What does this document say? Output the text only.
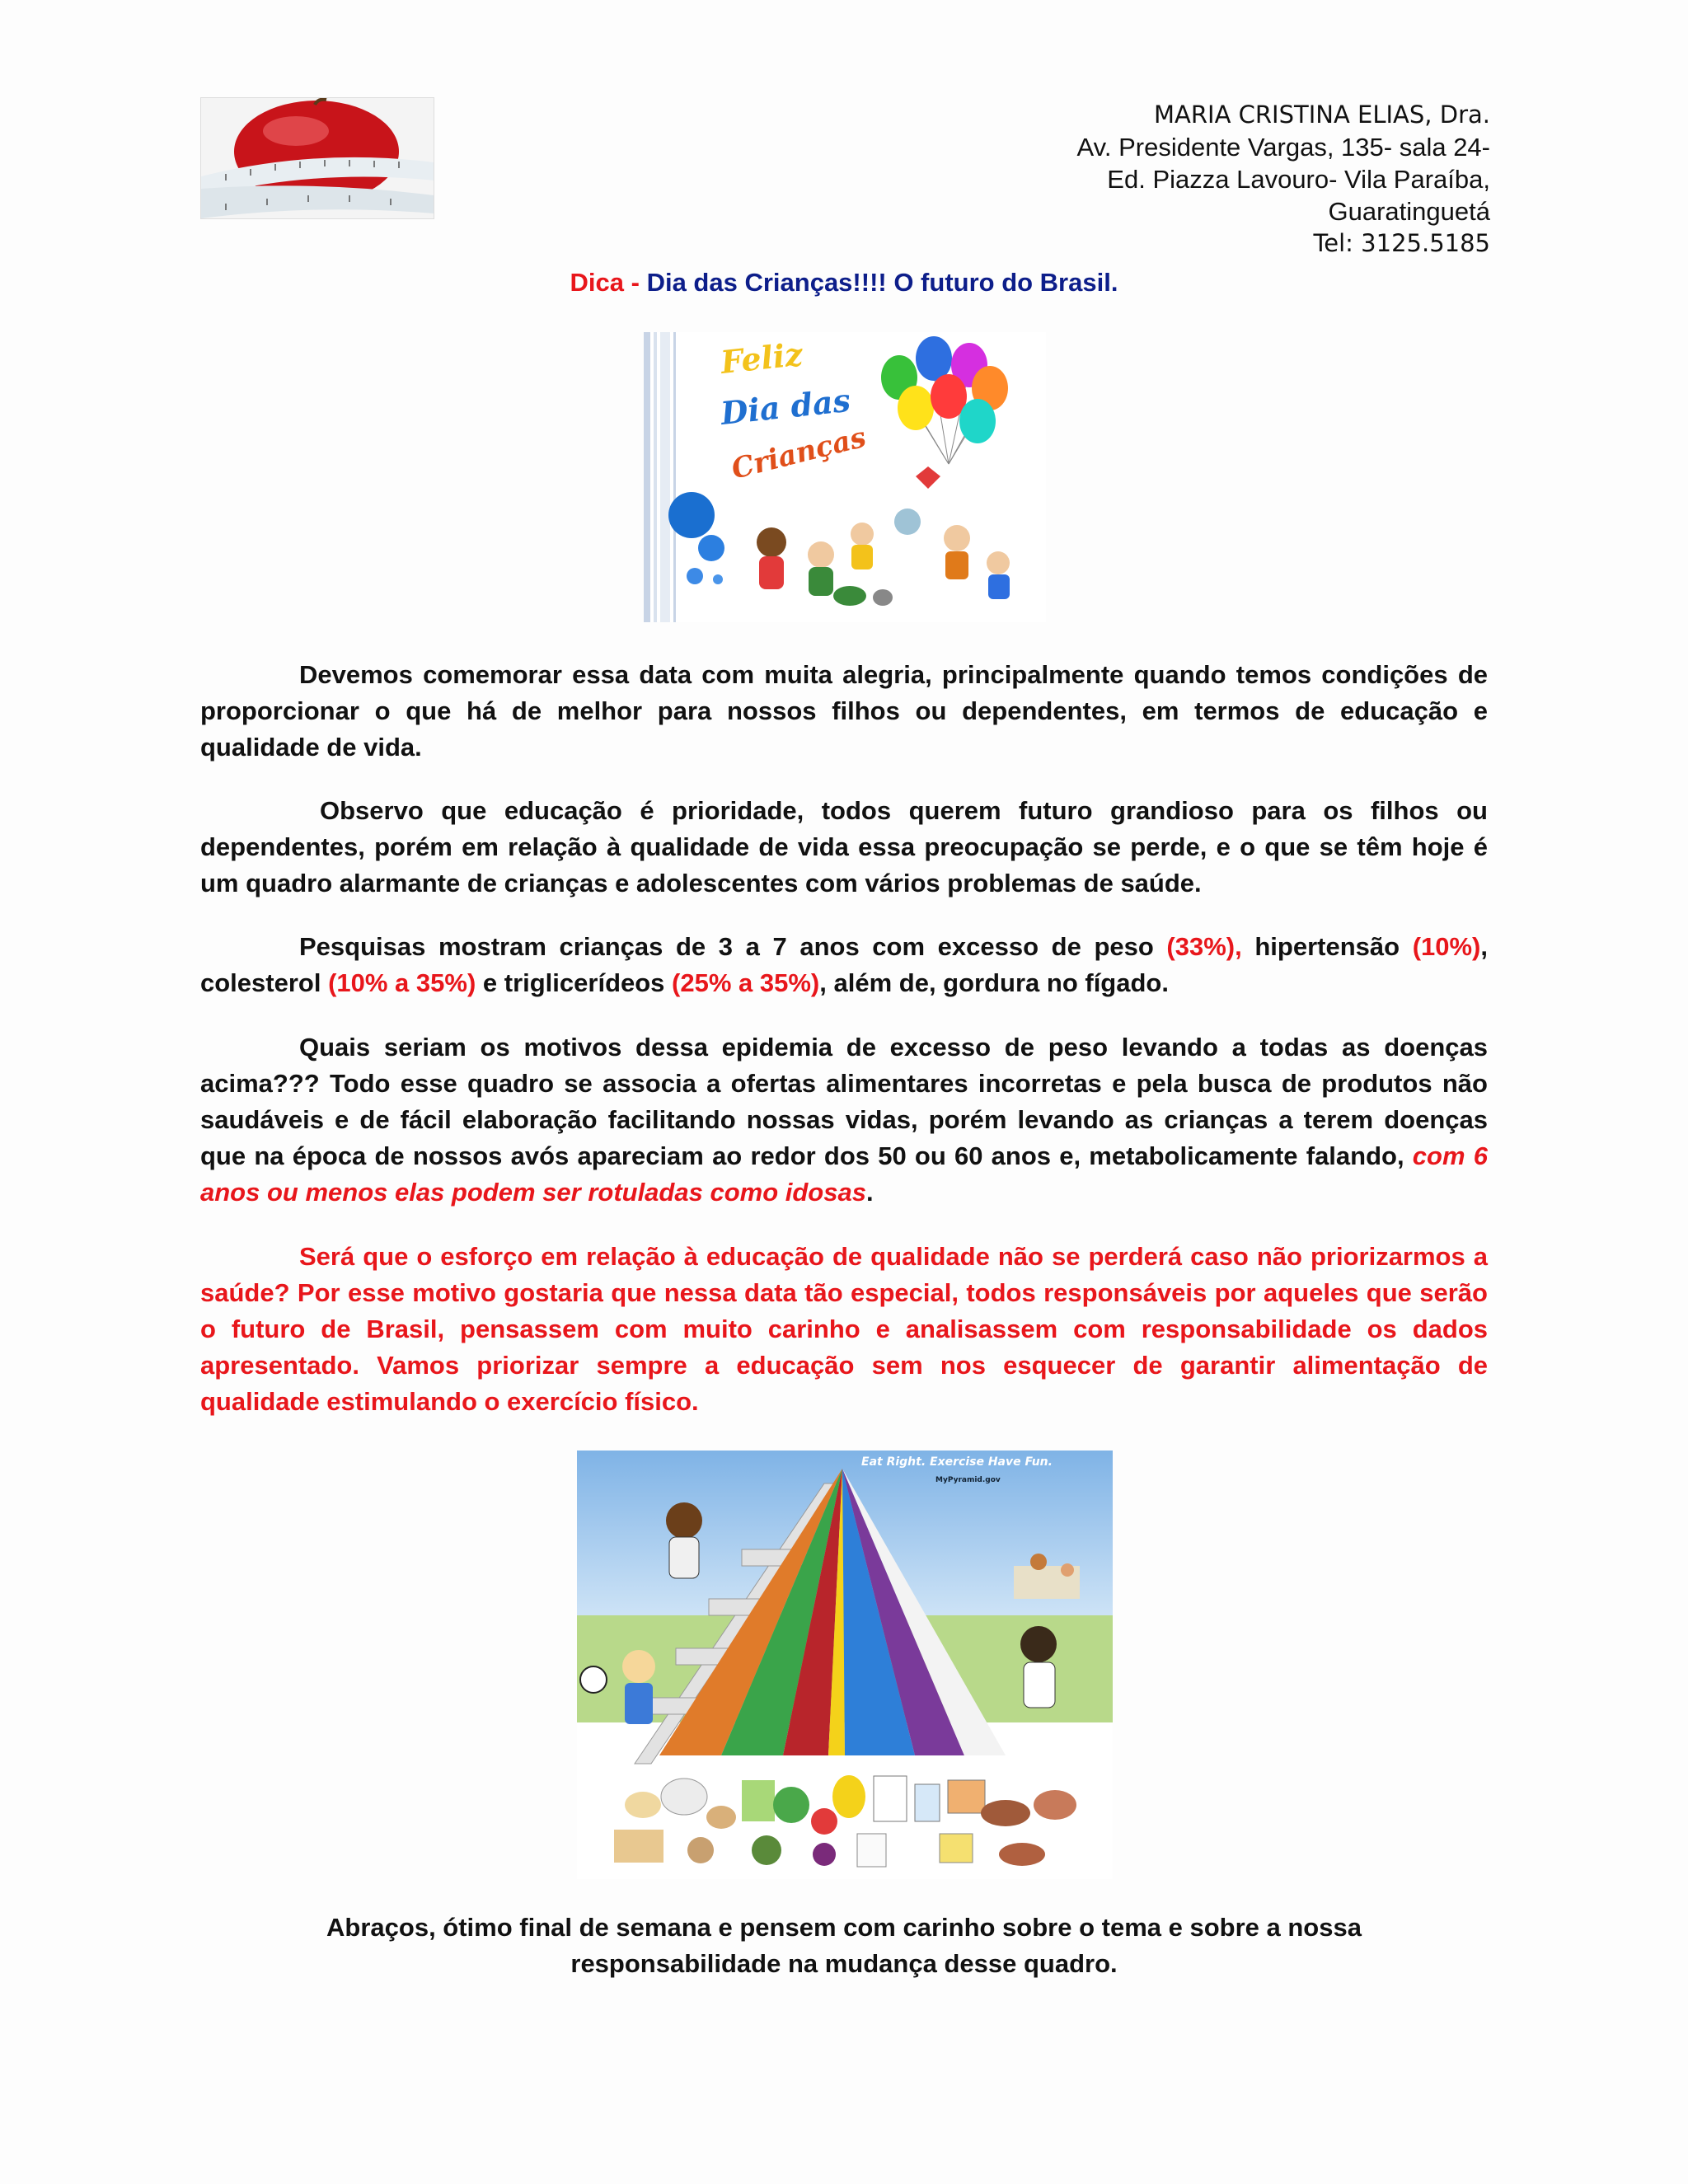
MARIA CRISTINA ELIAS, Dra.
Av. Presidente Vargas, 135- sala 24-
Ed. Piazza Lavouro- Vila Paraíba,
Guaratinguetá
Tel: 3125.5185
Dica - Dia das Crianças!!!! O futuro do Brasil.
Feliz
Dia das
Crianças
Devemos comemorar essa data com muita alegria, principalmente quando temos condições de proporcionar o que há de melhor para nossos filhos ou dependentes, em termos de educação e qualidade de vida.
Observo que educação é prioridade, todos querem futuro grandioso para os filhos ou dependentes, porém em relação à qualidade de vida essa preocupação se perde, e o que se têm hoje é um quadro alarmante de crianças e adolescentes com vários problemas de saúde.
Pesquisas mostram crianças de 3 a 7 anos com excesso de peso (33%), hipertensão (10%), colesterol (10% a 35%) e triglicerídeos (25% a 35%), além de, gordura no fígado.
Quais seriam os motivos dessa epidemia de excesso de peso levando a todas as doenças acima??? Todo esse quadro se associa a ofertas alimentares incorretas e pela busca de produtos não saudáveis e de fácil elaboração facilitando nossas vidas, porém levando as crianças a terem doenças que na época de nossos avós apareciam ao redor dos 50 ou 60 anos e, metabolicamente falando, com 6 anos ou menos elas podem ser rotuladas como idosas.
Será que o esforço em relação à educação de qualidade não se perderá caso não priorizarmos a saúde? Por esse motivo gostaria que nessa data tão especial, todos responsáveis por aqueles que serão o futuro de Brasil, pensassem com muito carinho e analisassem com responsabilidade os dados apresentado. Vamos priorizar sempre a educação sem nos esquecer de garantir alimentação de qualidade estimulando o exercício físico.
Eat Right. Exercise Have Fun.
MyPyramid.gov
Abraços, ótimo final de semana e pensem com carinho sobre o tema e sobre a nossa
responsabilidade na mudança desse quadro.
